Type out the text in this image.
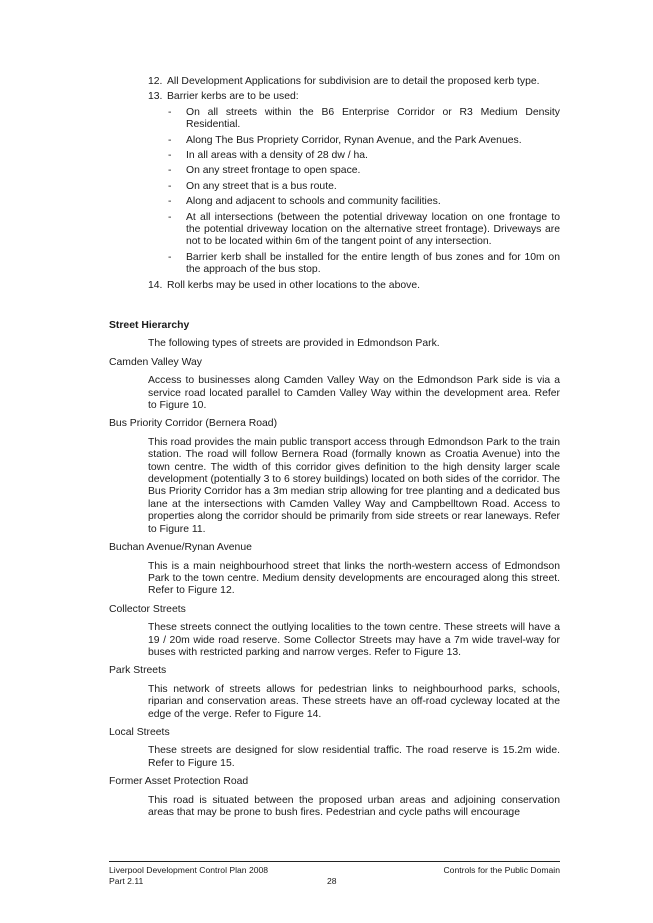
12. All Development Applications for subdivision are to detail the proposed kerb type.
13. Barrier kerbs are to be used:
- On all streets within the B6 Enterprise Corridor or R3 Medium Density Residential.
- Along The Bus Propriety Corridor, Rynan Avenue, and the Park Avenues.
- In all areas with a density of 28 dw / ha.
- On any street frontage to open space.
- On any street that is a bus route.
- Along and adjacent to schools and community facilities.
- At all intersections (between the potential driveway location on one frontage to the potential driveway location on the alternative street frontage). Driveways are not to be located within 6m of the tangent point of any intersection.
- Barrier kerb shall be installed for the entire length of bus zones and for 10m on the approach of the bus stop.
14. Roll kerbs may be used in other locations to the above.
Street Hierarchy
The following types of streets are provided in Edmondson Park.
Camden Valley Way
Access to businesses along Camden Valley Way on the Edmondson Park side is via a service road located parallel to Camden Valley Way within the development area. Refer to Figure 10.
Bus Priority Corridor (Bernera Road)
This road provides the main public transport access through Edmondson Park to the train station. The road will follow Bernera Road (formally known as Croatia Avenue) into the town centre. The width of this corridor gives definition to the high density larger scale development (potentially 3 to 6 storey buildings) located on both sides of the corridor. The Bus Priority Corridor has a 3m median strip allowing for tree planting and a dedicated bus lane at the intersections with Camden Valley Way and Campbelltown Road. Access to properties along the corridor should be primarily from side streets or rear laneways. Refer to Figure 11.
Buchan Avenue/Rynan Avenue
This is a main neighbourhood street that links the north-western access of Edmondson Park to the town centre. Medium density developments are encouraged along this street. Refer to Figure 12.
Collector Streets
These streets connect the outlying localities to the town centre. These streets will have a 19 / 20m wide road reserve. Some Collector Streets may have a 7m wide travel-way for buses with restricted parking and narrow verges. Refer to Figure 13.
Park Streets
This network of streets allows for pedestrian links to neighbourhood parks, schools, riparian and conservation areas. These streets have an off-road cycleway located at the edge of the verge. Refer to Figure 14.
Local Streets
These streets are designed for slow residential traffic. The road reserve is 15.2m wide. Refer to Figure 15.
Former Asset Protection Road
This road is situated between the proposed urban areas and adjoining conservation areas that may be prone to bush fires. Pedestrian and cycle paths will encourage
Liverpool Development Control Plan 2008	Controls for the Public Domain
Part 2.11	28
